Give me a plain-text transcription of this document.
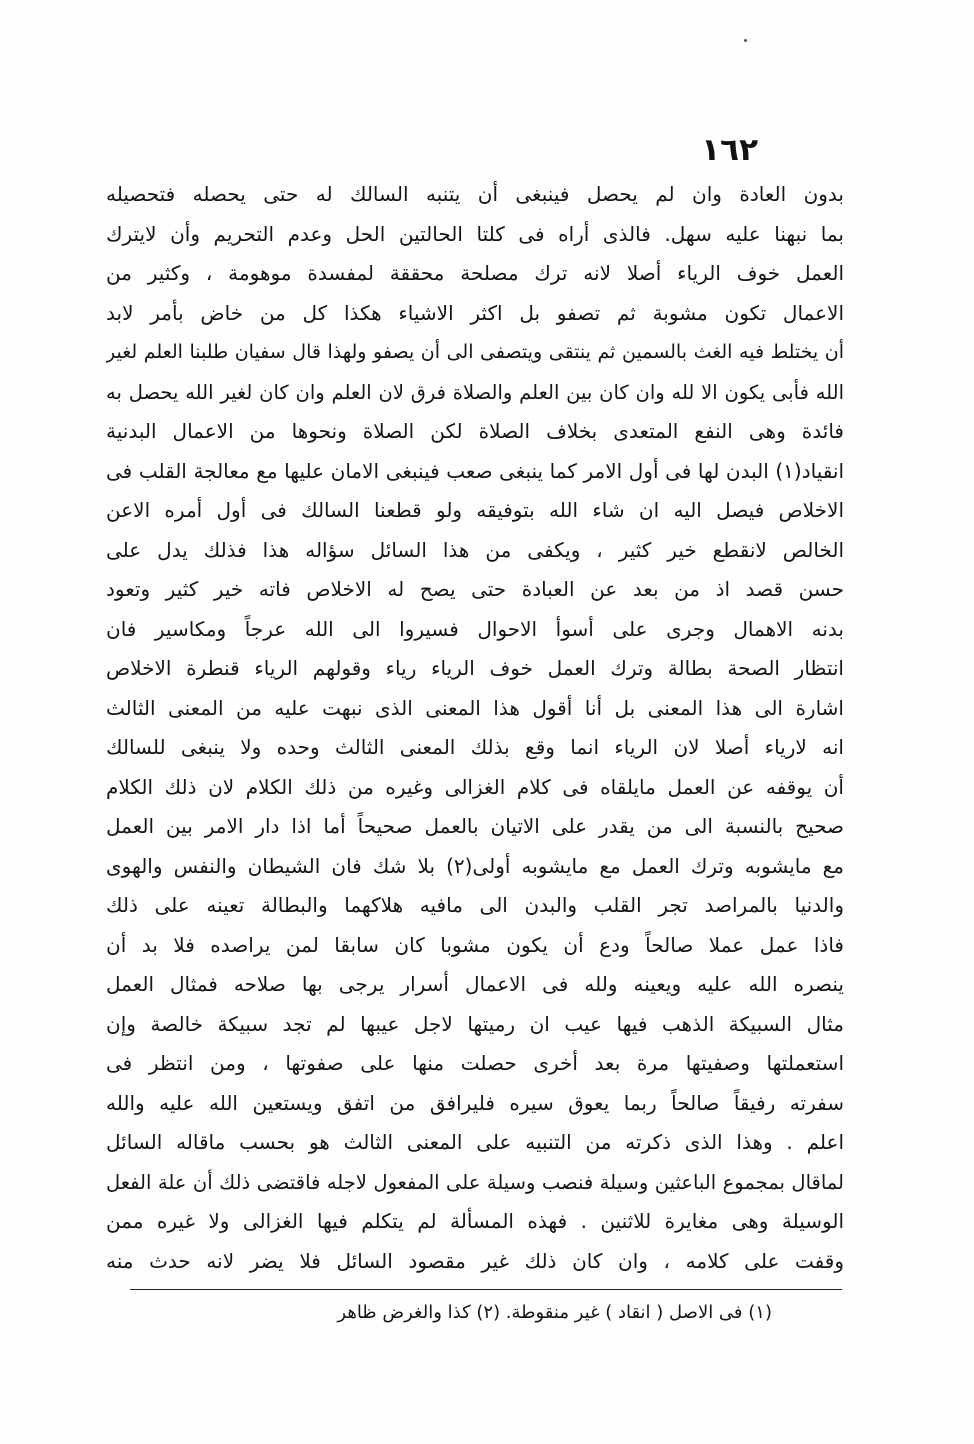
١٦٢
بدون العادة وان لم يحصل فينبغى أن يتنبه السالك له حتى يحصله فتحصيله
بما نبهنا عليه سهل. فالذى أراه فى كلتا الحالتين الحل وعدم التحريم وأن لايترك
العمل خوف الرياء أصلا لانه ترك مصلحة محققة لمفسدة موهومة ، وكثير من
الاعمال تكون مشوبة ثم تصفو بل اكثر الاشياء هكذا كل من خاض بأمر لابد
أن يختلط فيه الغث بالسمين ثم ينتقى ويتصفى الى أن يصفو ولهذا قال سفيان طلبنا العلم لغير
الله فأبى يكون الا لله وان كان بين العلم والصلاة فرق لان العلم وان كان لغير الله يحصل به
فائدة وهى النفع المتعدى بخلاف الصلاة لكن الصلاة ونحوها من الاعمال البدنية
انقياد(١) البدن لها فى أول الامر كما ينبغى صعب فينبغى الامان عليها مع معالجة القلب فى
الاخلاص فيصل اليه ان شاء الله بتوفيقه ولو قطعنا السالك فى أول أمره الاعن
الخالص لانقطع خير كثير ، ويكفى من هذا السائل سؤاله هذا فذلك يدل على
حسن قصد اذ من بعد عن العبادة حتى يصح له الاخلاص فاته خير كثير وتعود
بدنه الاهمال وجرى على أسوأ الاحوال فسيروا الى الله عرجاً ومكاسير فان
انتظار الصحة بطالة وترك العمل خوف الرياء رياء وقولهم الرياء قنطرة الاخلاص
اشارة الى هذا المعنى بل أنا أقول هذا المعنى الذى نبهت عليه من المعنى الثالث
انه لارياء أصلا لان الرياء انما وقع بذلك المعنى الثالث وحده ولا ينبغى للسالك
أن يوقفه عن العمل مايلقاه فى كلام الغزالى وغيره من ذلك الكلام لان ذلك الكلام
صحيح بالنسبة الى من يقدر على الاتيان بالعمل صحيحاً أما اذا دار الامر بين العمل
مع مايشوبه وترك العمل مع مايشوبه أولى(٢) بلا شك فان الشيطان والنفس والهوى
والدنيا بالمراصد تجر القلب والبدن الى مافيه هلاكهما والبطالة تعينه على ذلك
فاذا عمل عملا صالحاً ودع أن يكون مشوبا كان سابقا لمن يراصده فلا بد أن
ينصره الله عليه ويعينه ولله فى الاعمال أسرار يرجى بها صلاحه فمثال العمل
مثال السبيكة الذهب فيها عيب ان رميتها لاجل عيبها لم تجد سبيكة خالصة وإن
استعملتها وصفيتها مرة بعد أخرى حصلت منها على صفوتها ، ومن انتظر فى
سفرته رفيقاً صالحاً ربما يعوق سيره فليرافق من اتفق ويستعين الله عليه والله
اعلم . وهذا الذى ذكرته من التنبيه على المعنى الثالث هو بحسب ماقاله السائل
لماقال بمجموع الباعثين وسيلة فنصب وسيلة على المفعول لاجله فاقتضى ذلك أن علة الفعل
الوسيلة وهى مغايرة للاثنين . فهذه المسألة لم يتكلم فيها الغزالى ولا غيره ممن
وقفت على كلامه ، وان كان ذلك غير مقصود السائل فلا يضر لانه حدث منه
(١) فى الاصل ( انقاد ) غير منقوطة. (٢) كذا والغرض ظاهر
